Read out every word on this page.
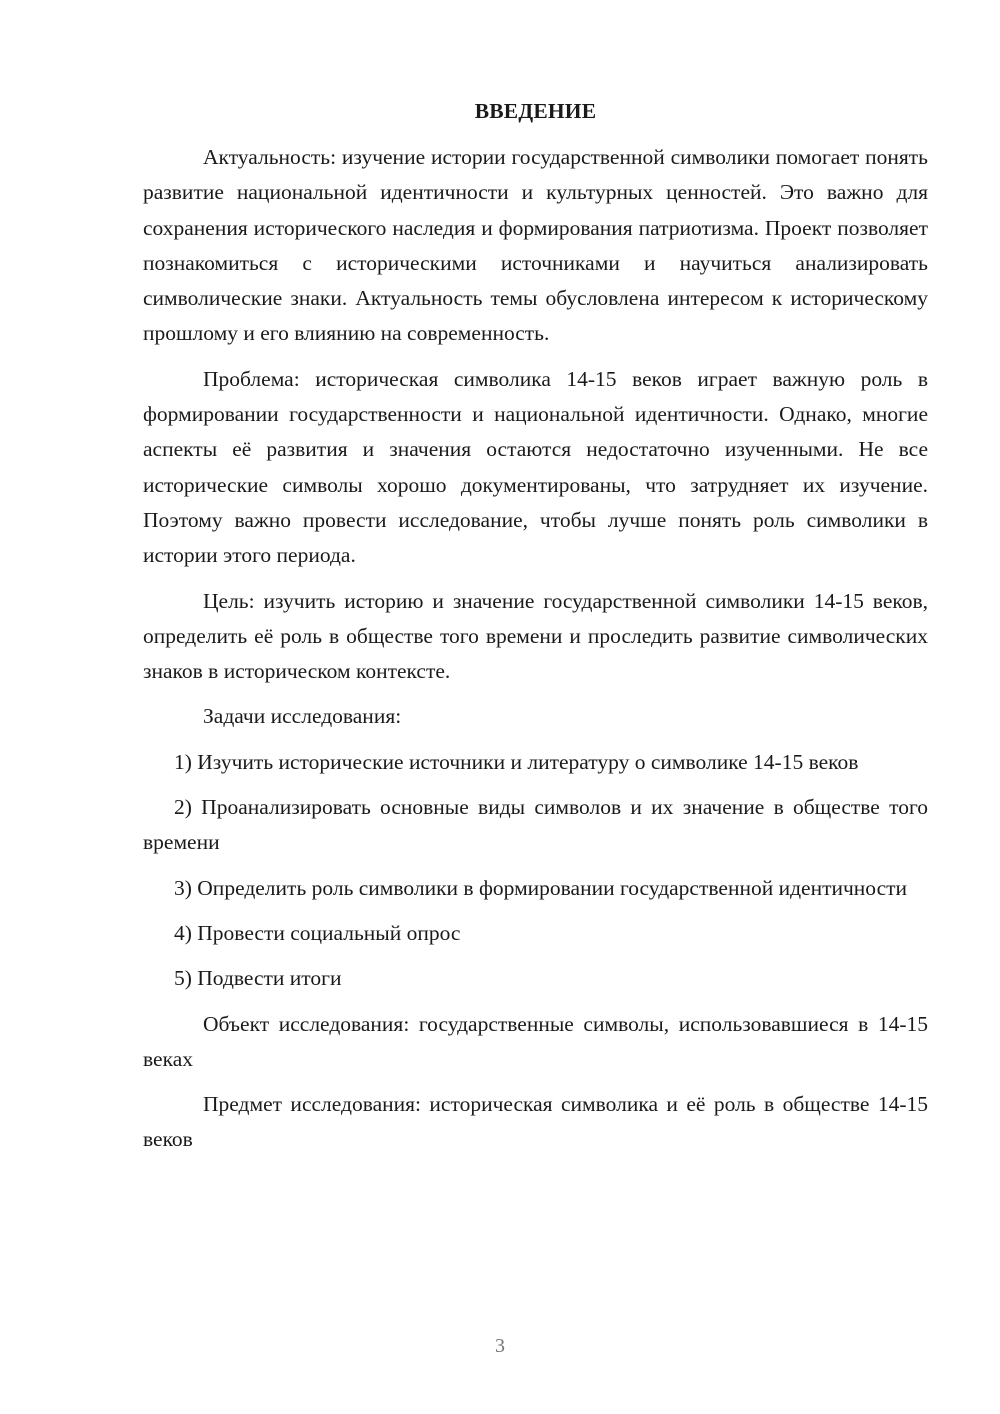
ВВЕДЕНИЕ

Актуальность: изучение истории государственной символики помогает понять развитие национальной идентичности и культурных ценностей. Это важно для сохранения исторического наследия и формирования патриотизма. Проект позволяет познакомиться с историческими источниками и научиться анализировать символические знаки. Актуальность темы обусловлена интересом к историческому прошлому и его влиянию на современность.

Проблема: историческая символика 14-15 веков играет важную роль в формировании государственности и национальной идентичности. Однако, многие аспекты её развития и значения остаются недостаточно изученными. Не все исторические символы хорошо документированы, что затрудняет их изучение. Поэтому важно провести исследование, чтобы лучше понять роль символики в истории этого периода.

Цель: изучить историю и значение государственной символики 14-15 веков, определить её роль в обществе того времени и проследить развитие символических знаков в историческом контексте.

Задачи исследования:

1) Изучить исторические источники и литературу о символике 14-15 веков

2) Проанализировать основные виды символов и их значение в обществе того времени

3) Определить роль символики в формировании государственной идентичности

4) Провести социальный опрос

5) Подвести итоги

Объект исследования: государственные символы, использовавшиеся в 14-15 веках

Предмет исследования: историческая символика и её роль в обществе 14-15 веков

3
